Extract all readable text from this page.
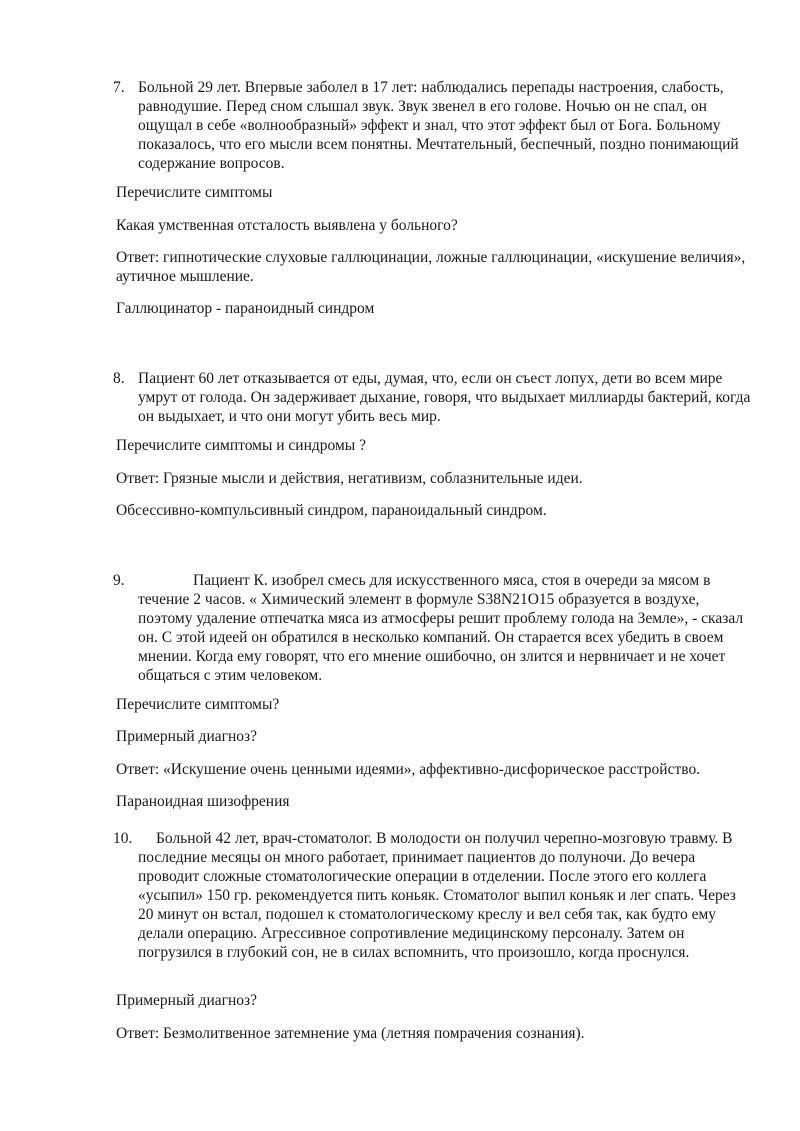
7. Больной 29 лет. Впервые заболел в 17 лет: наблюдались перепады настроения, слабость, равнодушие. Перед сном слышал звук. Звук звенел в его голове. Ночью он не спал, он ощущал в себе «волнообразный» эффект и знал, что этот эффект был от Бога. Больному показалось, что его мысли всем понятны. Мечтательный, беспечный, поздно понимающий содержание вопросов.

Перечислите симптомы

Какая умственная отсталость выявлена у больного?

Ответ: гипнотические слуховые галлюцинации, ложные галлюцинации, «искушение величия», аутичное мышление.

Галлюцинатор - параноидный синдром

8. Пациент 60 лет отказывается от еды, думая, что, если он съест лопух, дети во всем мире умрут от голода. Он задерживает дыхание, говоря, что выдыхает миллиарды бактерий, когда он выдыхает, и что они могут убить весь мир.

Перечислите симптомы и синдромы ?

Ответ: Грязные мысли и действия, негативизм, соблазнительные идеи.

Обсессивно-компульсивный синдром, параноидальный синдром.

9.	Пациент К. изобрел смесь для искусственного мяса, стоя в очереди за мясом в течение 2 часов. « Химический элемент в формуле S38N21O15 образуется в воздухе, поэтому удаление отпечатка мяса из атмосферы решит проблему голода на Земле», - сказал он. С этой идеей он обратился в несколько компаний. Он старается всех убедить в своем мнении. Когда ему говорят, что его мнение ошибочно, он злится и нервничает и не хочет общаться с этим человеком.

Перечислите симптомы?

Примерный диагноз?

Ответ: «Искушение очень ценными идеями», аффективно-дисфорическое расстройство.

Параноидная шизофрения

10.	Больной 42 лет, врач-стоматолог. В молодости он получил черепно-мозговую травму. В последние месяцы он много работает, принимает пациентов до полуночи. До вечера проводит сложные стоматологические операции в отделении. После этого его коллега «усыпил» 150 гр. рекомендуется пить коньяк. Стоматолог выпил коньяк и лег спать. Через 20 минут он встал, подошел к стоматологическому креслу и вел себя так, как будто ему делали операцию. Агрессивное сопротивление медицинскому персоналу. Затем он погрузился в глубокий сон, не в силах вспомнить, что произошло, когда проснулся.

Примерный диагноз?

Ответ: Безмолитвенное затемнение ума (летняя помрачения сознания).
